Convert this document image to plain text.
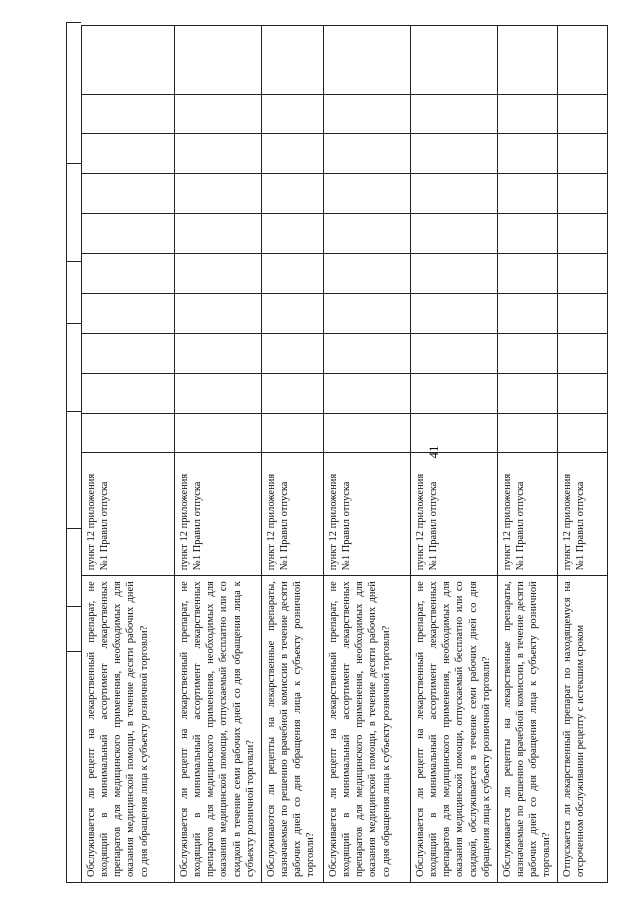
41
Обслуживается ли рецепт на лекарственный препарат, не входящий в минимальный ассортимент лекарственных препаратов для медицинского применения, необходимых для оказания медицинской помощи, в течение десяти рабочих дней со дня обращения лица к субъекту розничной торговли?	пункт 12 приложения №1 Правил отпуска										
Обслуживается ли рецепт на лекарственный препарат, не входящий в минимальный ассортимент лекарственных препаратов для медицинского применения, необходимых для оказания медицинской помощи, отпускаемый бесплатно или со скидкой в течение семи рабочих дней со дня обращения лица к субъекту розничной торговли?	пункт 12 приложения №1 Правил отпуска										
Обслуживаются ли рецепты на лекарственные препараты, назначаемые по решению врачебной комиссии в течение десяти рабочих дней со дня обращения лица к субъекту розничной торговли?	пункт 12 приложения №1 Правил отпуска										
Обслуживается ли рецепт на лекарственный препарат, не входящий в минимальный ассортимент лекарственных препаратов для медицинского применения, необходимых для оказания медицинской помощи, в течение десяти рабочих дней со дня обращения лица к субъекту розничной торговли?	пункт 12 приложения №1 Правил отпуска										
Обслуживается ли рецепт на лекарственный препарат, не входящий в минимальный ассортимент лекарственных препаратов для медицинского применения, необходимых для оказания медицинской помощи, отпускаемый бесплатно или со скидкой, обслуживается в течение семи рабочих дней со дня обращения лица к субъекту розничной торговли?	пункт 12 приложения №1 Правил отпуска										
Обслуживается ли рецепты на лекарственные препараты, назначаемые по решению врачебной комиссии, в течение десяти рабочих дней со дня обращения лица к субъекту розничной торговли?	пункт 12 приложения №1 Правил отпуска										
Отпускается ли лекарственный препарат по находящемуся на отсроченном обслуживании рецепту с истекшим сроком	пункт 12 приложения №1 Правил отпуска										
